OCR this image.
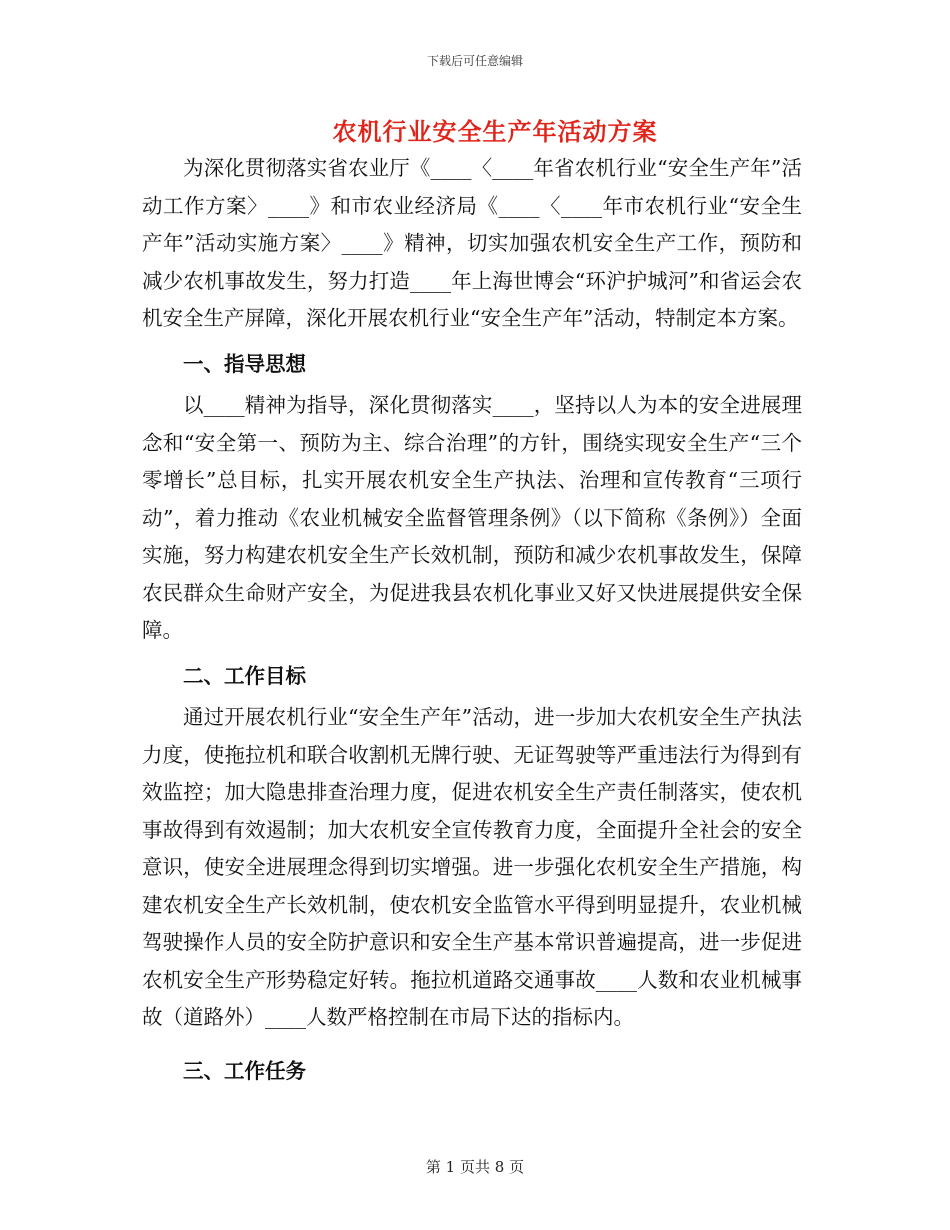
下载后可任意编辑
农机行业安全生产年活动方案

为深化贯彻落实省农业厅《____〈____年省农机行业“安全生产年”活动工作方案〉____》和市农业经济局《____〈____年市农机行业“安全生产年”活动实施方案〉____》精神，切实加强农机安全生产工作，预防和减少农机事故发生，努力打造____年上海世博会“环沪护城河”和省运会农机安全生产屏障，深化开展农机行业“安全生产年”活动，特制定本方案。

一、指导思想

以____精神为指导，深化贯彻落实____，坚持以人为本的安全进展理念和“安全第一、预防为主、综合治理”的方针，围绕实现安全生产“三个零增长”总目标，扎实开展农机安全生产执法、治理和宣传教育“三项行动”，着力推动《农业机械安全监督管理条例》（以下简称《条例》）全面实施，努力构建农机安全生产长效机制，预防和减少农机事故发生，保障农民群众生命财产安全，为促进我县农机化事业又好又快进展提供安全保障。

二、工作目标

通过开展农机行业“安全生产年”活动，进一步加大农机安全生产执法力度，使拖拉机和联合收割机无牌行驶、无证驾驶等严重违法行为得到有效监控；加大隐患排查治理力度，促进农机安全生产责任制落实，使农机事故得到有效遏制；加大农机安全宣传教育力度，全面提升全社会的安全意识，使安全进展理念得到切实增强。进一步强化农机安全生产措施，构建农机安全生产长效机制，使农机安全监管水平得到明显提升，农业机械驾驶操作人员的安全防护意识和安全生产基本常识普遍提高，进一步促进农机安全生产形势稳定好转。拖拉机道路交通事故____人数和农业机械事故（道路外）____人数严格控制在市局下达的指标内。

三、工作任务
第 1 页共 8 页
